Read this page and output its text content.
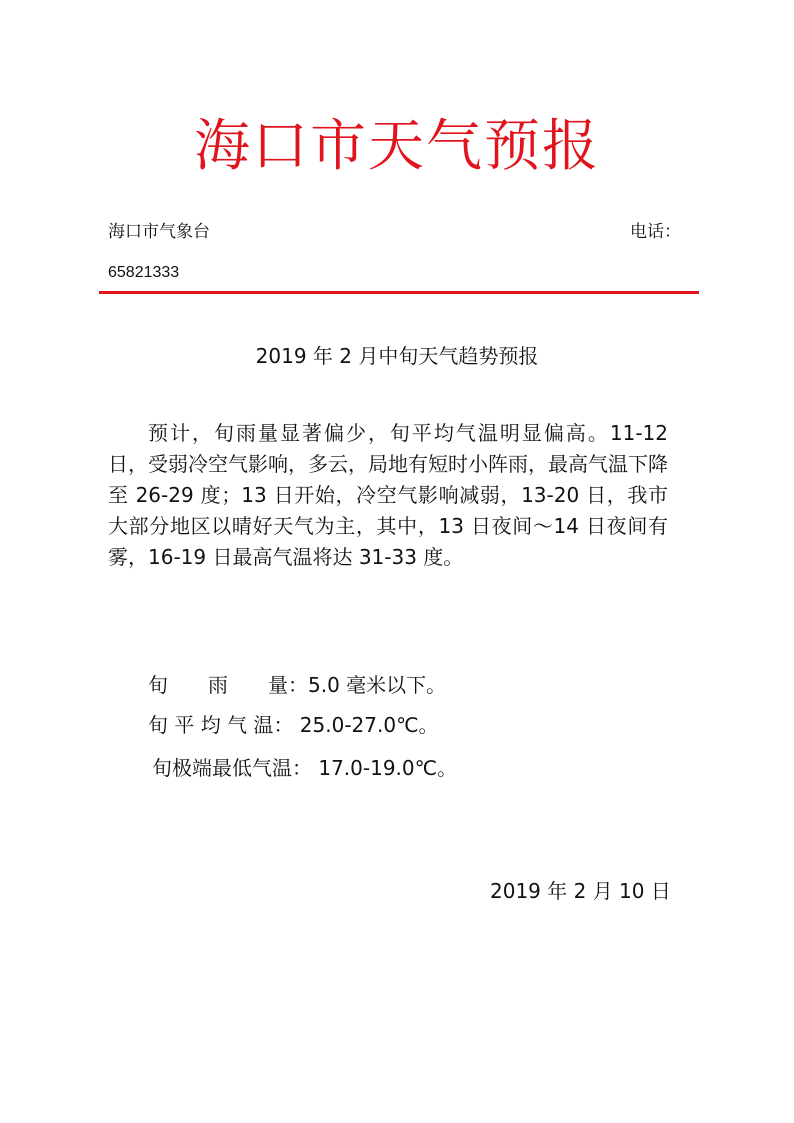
海口市天气预报
海口市气象台	电话：
65821333
2019 年 2 月中旬天气趋势预报

预计，旬雨量显著偏少，旬平均气温明显偏高。11-12 日，受弱冷空气影响，多云，局地有短时小阵雨，最高气温下降至 26-29 度；13 日开始，冷空气影响减弱，13-20 日，我市大部分地区以晴好天气为主，其中，13 日夜间～14 日夜间有雾，16-19 日最高气温将达 31-33 度。

旬　　雨　　量：5.0 毫米以下。
旬 平 均 气 温： 25.0-27.0℃。
旬极端最低气温： 17.0-19.0℃。
2019 年 2 月 10 日
